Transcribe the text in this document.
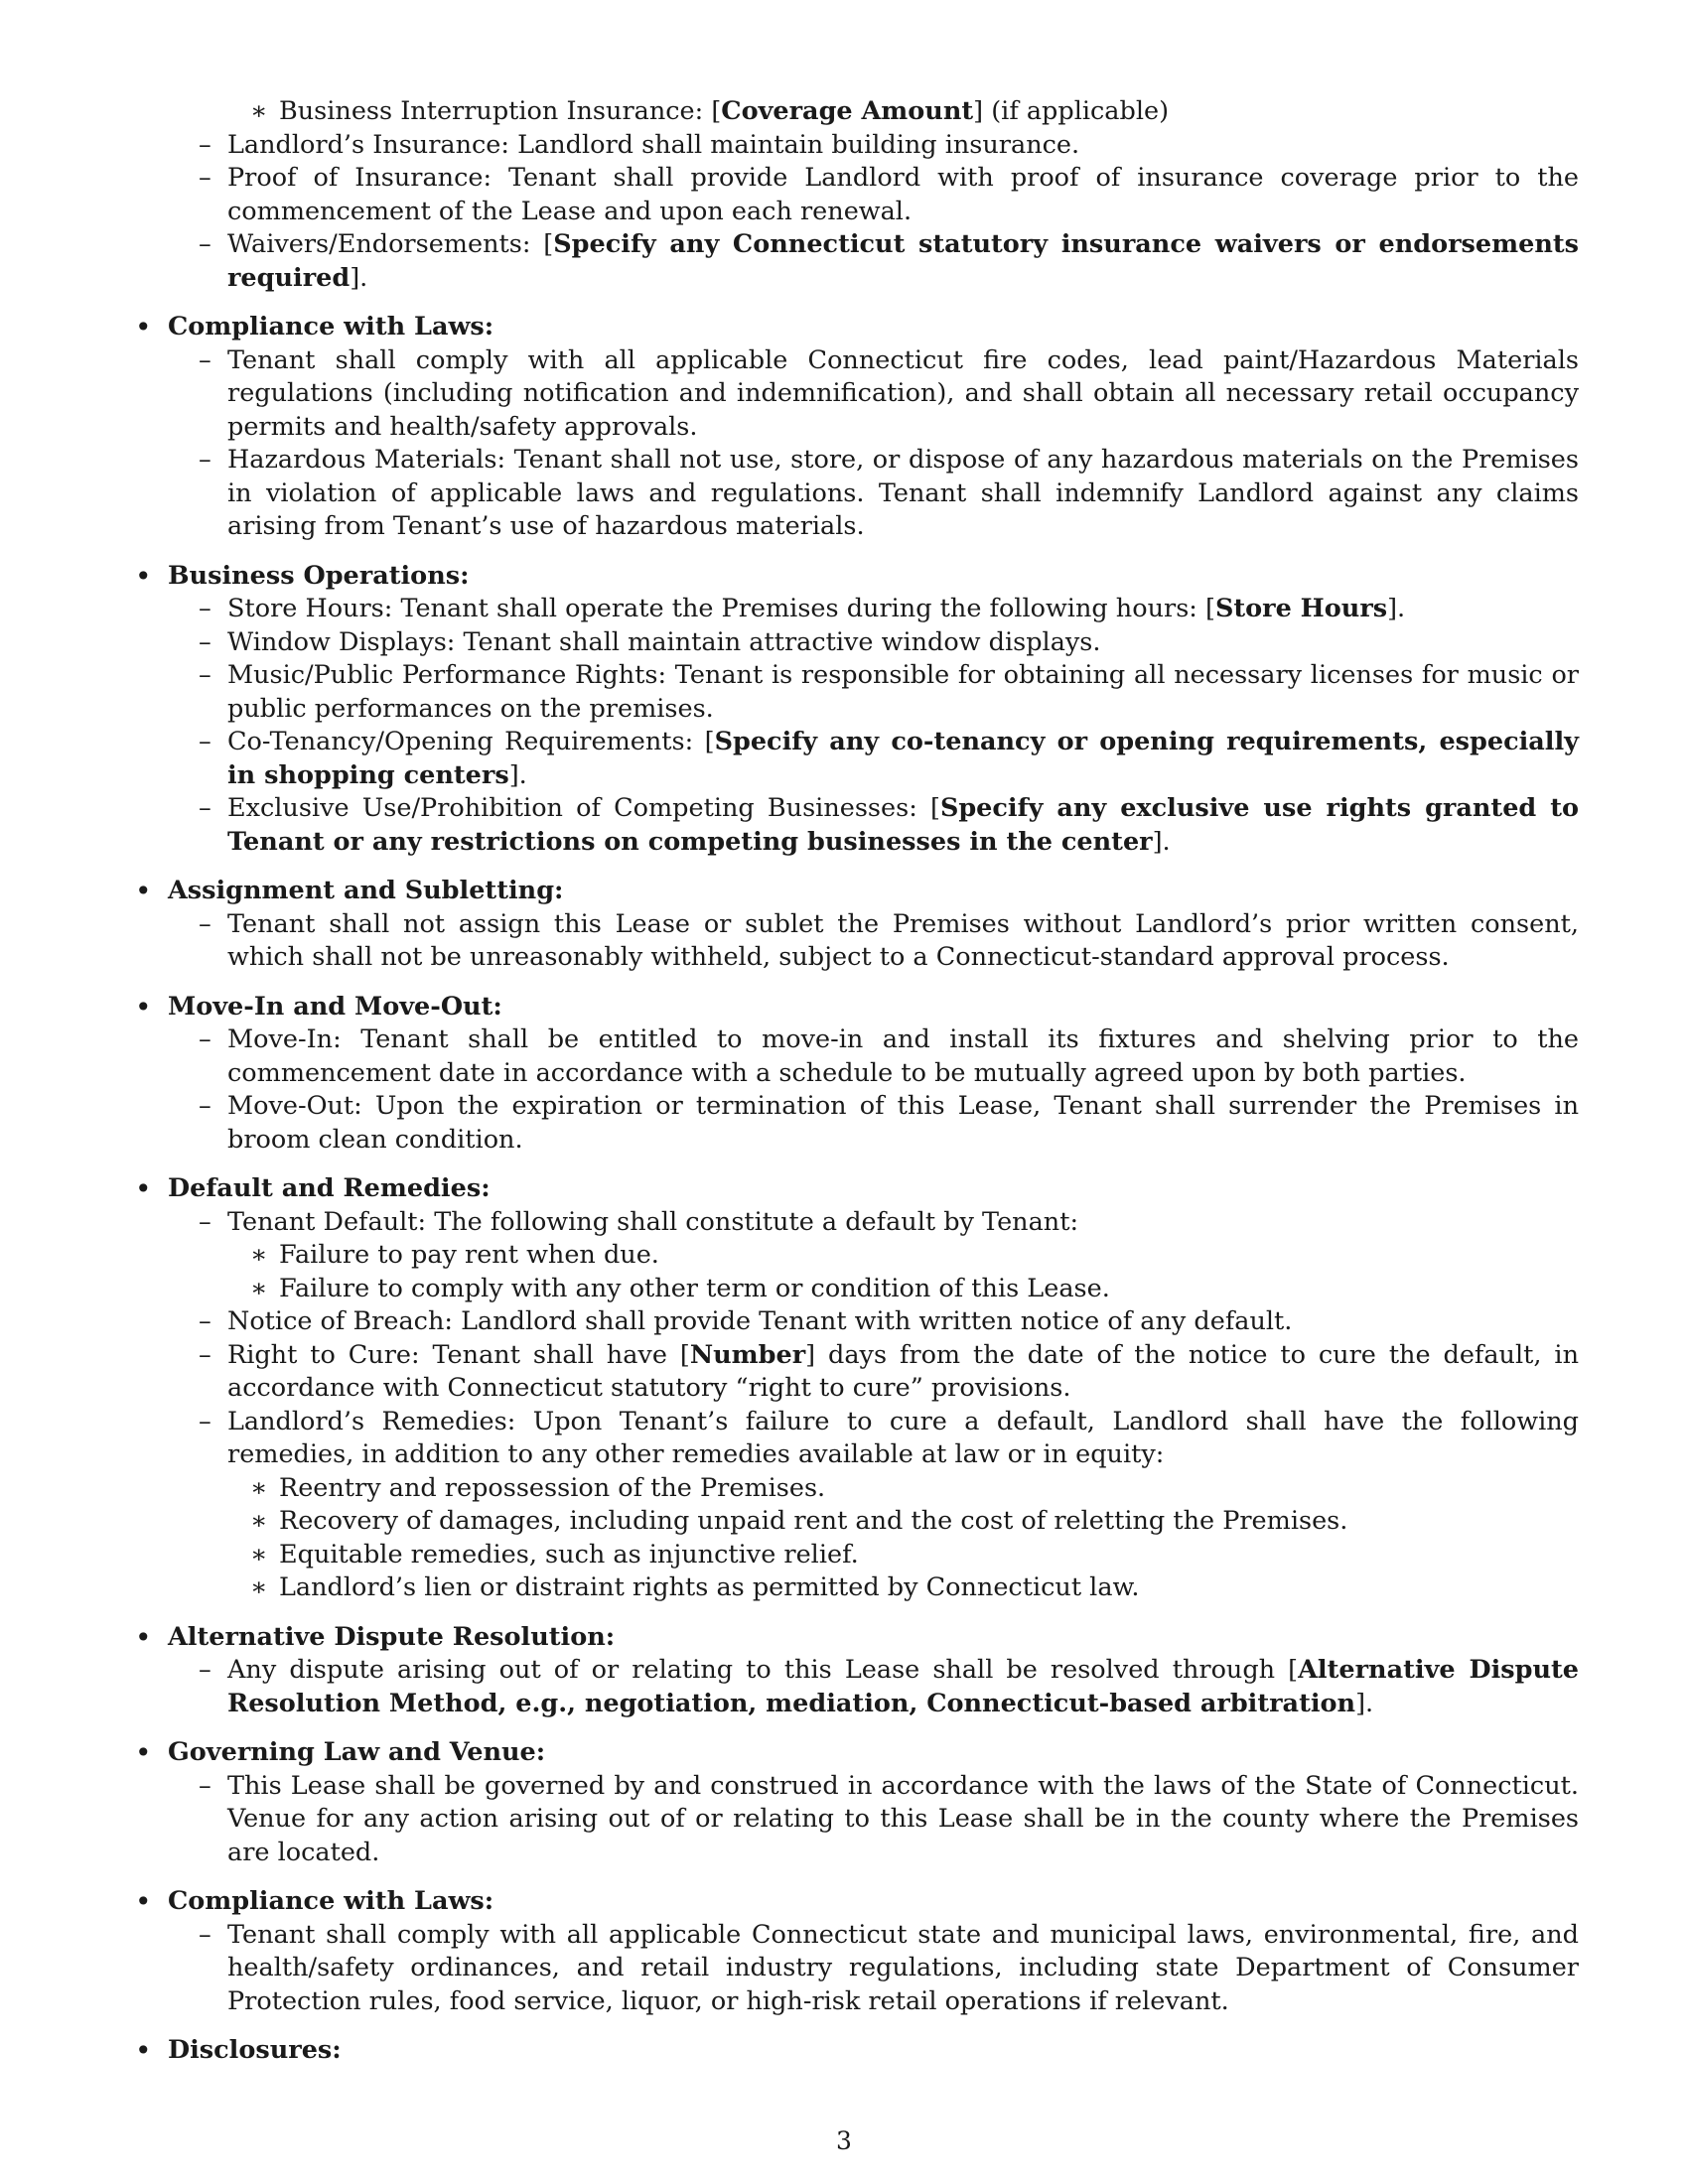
∗ Business Interruption Insurance: [Coverage Amount] (if applicable)
– Landlord’s Insurance: Landlord shall maintain building insurance.
– Proof of Insurance: Tenant shall provide Landlord with proof of insurance coverage prior to the commencement of the Lease and upon each renewal.
– Waivers/Endorsements: [Specify any Connecticut statutory insurance waivers or endorsements required].
• Compliance with Laws:
– Tenant shall comply with all applicable Connecticut fire codes, lead paint/Hazardous Materials regulations (including notification and indemnification), and shall obtain all necessary retail occupancy permits and health/safety approvals.
– Hazardous Materials: Tenant shall not use, store, or dispose of any hazardous materials on the Premises in violation of applicable laws and regulations. Tenant shall indemnify Landlord against any claims arising from Tenant’s use of hazardous materials.
• Business Operations:
– Store Hours: Tenant shall operate the Premises during the following hours: [Store Hours].
– Window Displays: Tenant shall maintain attractive window displays.
– Music/Public Performance Rights: Tenant is responsible for obtaining all necessary licenses for music or public performances on the premises.
– Co-Tenancy/Opening Requirements: [Specify any co-tenancy or opening requirements, especially in shopping centers].
– Exclusive Use/Prohibition of Competing Businesses: [Specify any exclusive use rights granted to Tenant or any restrictions on competing businesses in the center].
• Assignment and Subletting:
– Tenant shall not assign this Lease or sublet the Premises without Landlord’s prior written consent, which shall not be unreasonably withheld, subject to a Connecticut-standard approval process.
• Move-In and Move-Out:
– Move-In: Tenant shall be entitled to move-in and install its fixtures and shelving prior to the commencement date in accordance with a schedule to be mutually agreed upon by both parties.
– Move-Out: Upon the expiration or termination of this Lease, Tenant shall surrender the Premises in broom clean condition.
• Default and Remedies:
– Tenant Default: The following shall constitute a default by Tenant:
∗ Failure to pay rent when due.
∗ Failure to comply with any other term or condition of this Lease.
– Notice of Breach: Landlord shall provide Tenant with written notice of any default.
– Right to Cure: Tenant shall have [Number] days from the date of the notice to cure the default, in accordance with Connecticut statutory “right to cure” provisions.
– Landlord’s Remedies: Upon Tenant’s failure to cure a default, Landlord shall have the following remedies, in addition to any other remedies available at law or in equity:
∗ Reentry and repossession of the Premises.
∗ Recovery of damages, including unpaid rent and the cost of reletting the Premises.
∗ Equitable remedies, such as injunctive relief.
∗ Landlord’s lien or distraint rights as permitted by Connecticut law.
• Alternative Dispute Resolution:
– Any dispute arising out of or relating to this Lease shall be resolved through [Alternative Dispute Resolution Method, e.g., negotiation, mediation, Connecticut-based arbitration].
• Governing Law and Venue:
– This Lease shall be governed by and construed in accordance with the laws of the State of Connecticut. Venue for any action arising out of or relating to this Lease shall be in the county where the Premises are located.
• Compliance with Laws:
– Tenant shall comply with all applicable Connecticut state and municipal laws, environmental, fire, and health/safety ordinances, and retail industry regulations, including state Department of Consumer Protection rules, food service, liquor, or high-risk retail operations if relevant.
• Disclosures:
3
